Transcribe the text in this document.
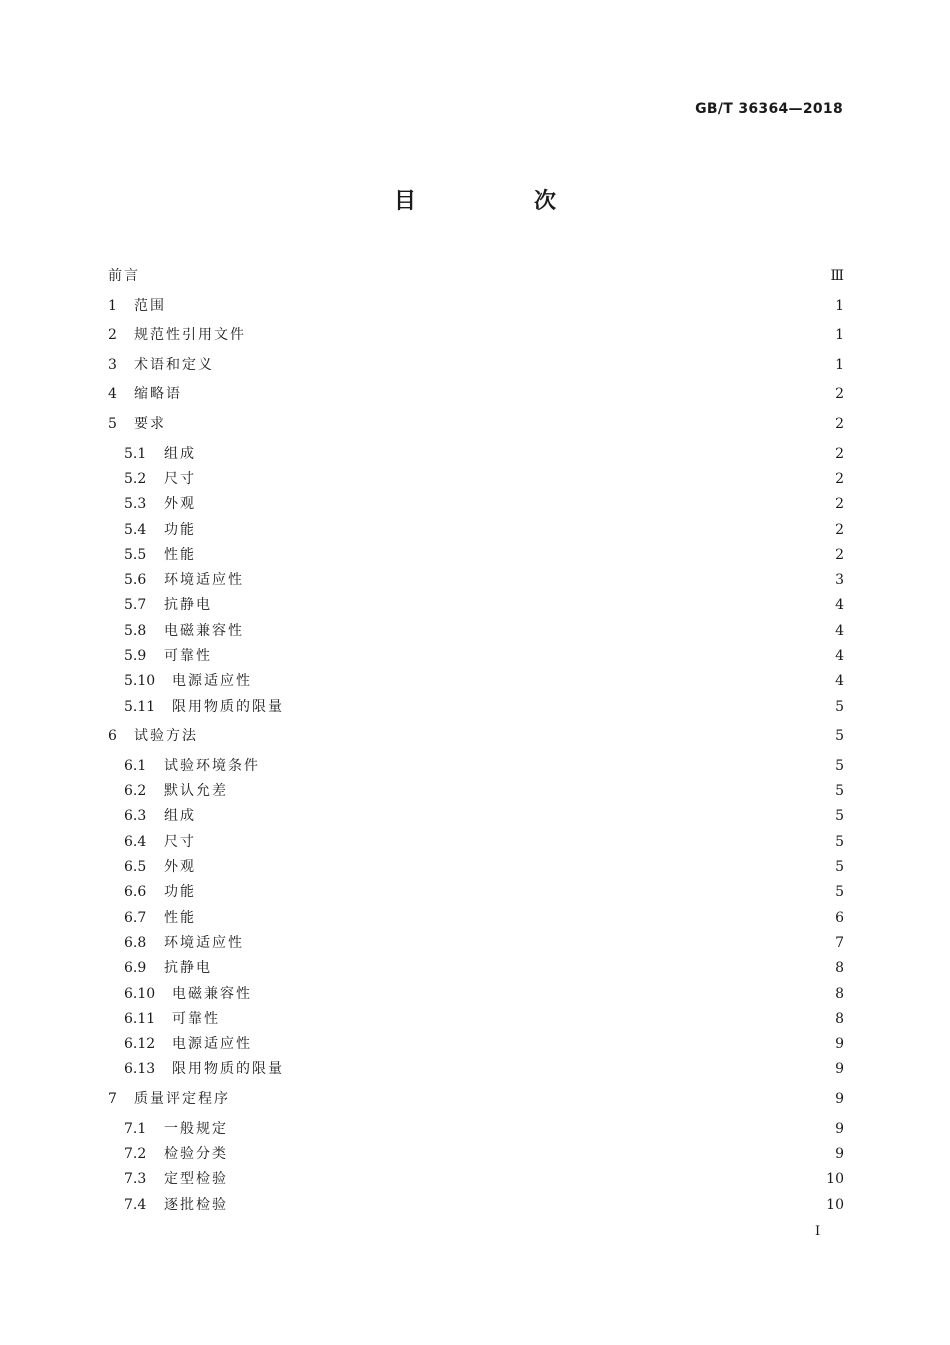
GB/T 36364—2018
目　次
前言	Ⅲ
1	范围	1
2	规范性引用文件	1
3	术语和定义	1
4	缩略语	2
5	要求	2
5.1	组成	2
5.2	尺寸	2
5.3	外观	2
5.4	功能	2
5.5	性能	2
5.6	环境适应性	3
5.7	抗静电	4
5.8	电磁兼容性	4
5.9	可靠性	4
5.10	电源适应性	4
5.11	限用物质的限量	5
6	试验方法	5
6.1	试验环境条件	5
6.2	默认允差	5
6.3	组成	5
6.4	尺寸	5
6.5	外观	5
6.6	功能	5
6.7	性能	6
6.8	环境适应性	7
6.9	抗静电	8
6.10	电磁兼容性	8
6.11	可靠性	8
6.12	电源适应性	9
6.13	限用物质的限量	9
7	质量评定程序	9
7.1	一般规定	9
7.2	检验分类	9
7.3	定型检验	10
7.4	逐批检验	10
I
